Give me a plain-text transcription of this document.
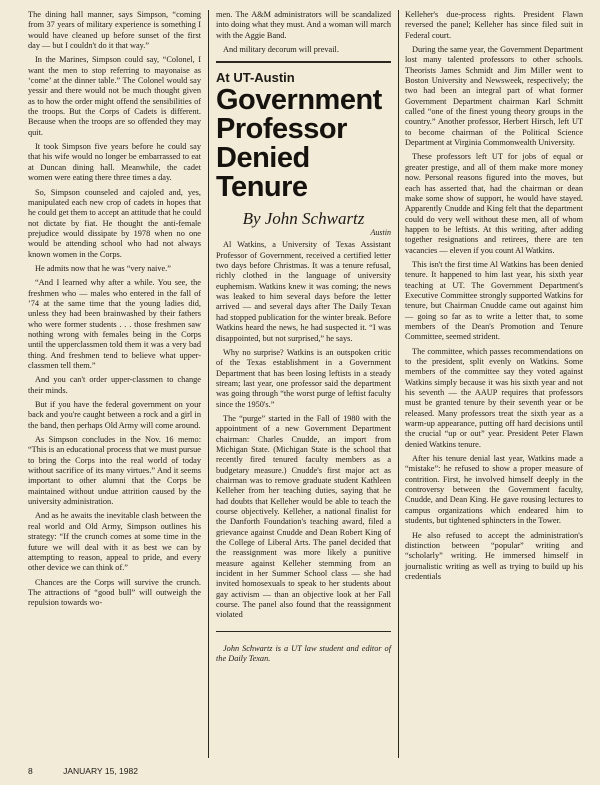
The dining hall manner, says Simpson, “coming from 37 years of military experience is something I would have cleaned up before sunset of the first day — but I couldn't do it that way.”

In the Marines, Simpson could say, “Colonel, I want the men to stop referring to mayonaise as ‘come’ at the dinner table.” The Colonel would say yessir and there would not be much thought given as to how the order might offend the sensibilities of the troops. But the Corps of Cadets is different. Because when the troops are so offended they may quit.

It took Simpson five years before he could say that his wife would no longer be embarrassed to eat at Duncan dining hall. Meanwhile, the cadet women were eating there three times a day.

So, Simpson counseled and cajoled and, yes, manipulated each new crop of cadets in hopes that he could get them to accept an attitude that he could not dictate by fiat. He thought the anti-female prejudice would dissipate by 1978 when no one would be attending school who had not always known women in the Corps.

He admits now that he was “very naive.”

“And I learned why after a while. You see, the freshmen who — males who entered in the fall of ’74 at the same time that the young ladies did, unless they had been brainwashed by their fathers who were former students . . . those freshmen saw nothing wrong with females being in the Corps until the upperclassmen told them it was a very bad thing. And freshmen tend to believe what upper-classmen tell them.”

And you can't order upper-classmen to change their minds.

But if you have the federal government on your back and you're caught between a rock and a girl in the band, then perhaps Old Army will come around.

As Simpson concludes in the Nov. 16 memo: “This is an educational process that we must pursue to bring the Corps into the real world of today without sacrifice of its many virtues.” And it seems important to other alumni that the Corps be maintained without undue attrition caused by the university administration.

And as he awaits the inevitable clash between the real world and Old Army, Simpson outlines his strategy: “If the crunch comes at some time in the future we will deal with it as best we can by attempting to reason, appeal to pride, and every other device we can think of.”

Chances are the Corps will survive the crunch. The attractions of “good bull” will outweigh the repulsion towards wo-

men. The A&M administrators will be scandalized into doing what they must. And a woman will march with the Aggie Band.

And military decorum will prevail.

At UT-Austin
Government Professor Denied Tenure
By John Schwartz
Austin

Al Watkins, a University of Texas Assistant Professor of Government, received a certified letter two days before Christmas. It was a tenure refusal, richly clothed in the language of university euphemism. Watkins knew it was coming; the news was leaked to him several days before the letter arrived — and several days after The Daily Texan had stopped publication for the winter break. Before Watkins heard the news, he had suspected it. “I was disappointed, but not surprised,” he says.

Why no surprise? Watkins is an outspoken critic of the Texas establishment in a Government Department that has been losing leftists in a steady stream; last year, one professor said the department was going through “the worst purge of leftist faculty since the 1950's.”

The “purge” started in the Fall of 1980 with the appointment of a new Government Department chairman: Charles Cnudde, an import from Michigan State. (Michigan State is the school that recently fired tenured faculty members as a budgetary measure.) Cnudde's first major act as chairman was to remove graduate student Kathleen Kelleher from her teaching duties, saying that he had doubts that Kelleher would be able to teach the course objectively. Kelleher, a national finalist for the Danforth Foundation's teaching award, filed a grievance against Cnudde and Dean Robert King of the College of Liberal Arts. The panel decided that the reassignment was more likely a punitive measure against Kelleher stemming from an incident in her Summer School class — she had invited homosexuals to speak to her students about gay activism — than an objective look at her Fall course. The panel also found that the reassignment violated

John Schwartz is a UT law student and editor of the Daily Texan.

Kelleher's due-process rights. President Flawn reversed the panel; Kelleher has since filed suit in Federal court.

During the same year, the Government Department lost many talented professors to other schools. Theorists James Schmidt and Jim Miller went to Boston University and Newsweek, respectively; the two had been an integral part of what former Government Department chairman Karl Schmitt called “one of the finest young theory groups in the country.” Another professor, Herbert Hirsch, left UT to become chairman of the Political Science Department at Virginia Commonwealth University.

These professors left UT for jobs of equal or greater prestige, and all of them make more money now. Personal reasons figured into the moves, but each has asserted that, had the chairman or dean make some show of support, he would have stayed. Apparently Cnudde and King felt that the department could do very well without these men, all of whom happen to be leftists. At this writing, after adding together resignations and retirees, there are ten vacancies — eleven if you count Al Watkins.

This isn't the first time Al Watkins has been denied tenure. It happened to him last year, his sixth year teaching at UT. The Government Department's Executive Committee strongly supported Watkins for tenure, but Chairman Cnudde came out against him — going so far as to write a letter that, to some members of the Dean's Promotion and Tenure Committee, seemed strident.

The committee, which passes recommendations on to the president, split evenly on Watkins. Some members of the committee say they voted against Watkins simply because it was his sixth year and not his seventh — the AAUP requires that professors must be granted tenure by their seventh year or be released. Many professors treat the sixth year as a warm-up appearance, putting off hard decisions until the crucial “up or out” year. President Peter Flawn denied Watkins tenure.

After his tenure denial last year, Watkins made a “mistake”: he refused to show a proper measure of contrition. First, he involved himself deeply in the controversy between the Government faculty, Cnudde, and Dean King. He gave rousing lectures to campus organizations which endeared him to students, but tightened sphincters in the Tower.

He also refused to accept the administration's distinction between “popular” writing and “scholarly” writing. He immersed himself in journalistic writing as well as trying to build up his credentials

8	JANUARY 15, 1982
